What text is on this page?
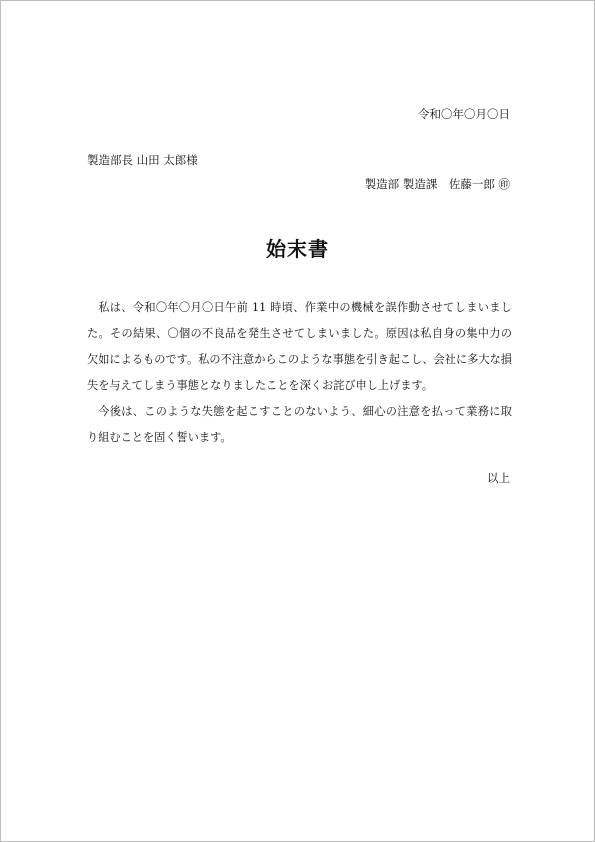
令和〇年〇月〇日
製造部長 山田 太郎様
製造部 製造課　佐藤一郎 ㊞
始末書

私は、令和〇年〇月〇日午前 11 時頃、作業中の機械を誤作動させてしまいました。その結果、〇個の不良品を発生させてしまいました。原因は私自身の集中力の欠如によるものです。私の不注意からこのような事態を引き起こし、会社に多大な損失を与えてしまう事態となりましたことを深くお詫び申し上げます。

今後は、このような失態を起こすことのないよう、細心の注意を払って業務に取り組むことを固く誓います。

以上
